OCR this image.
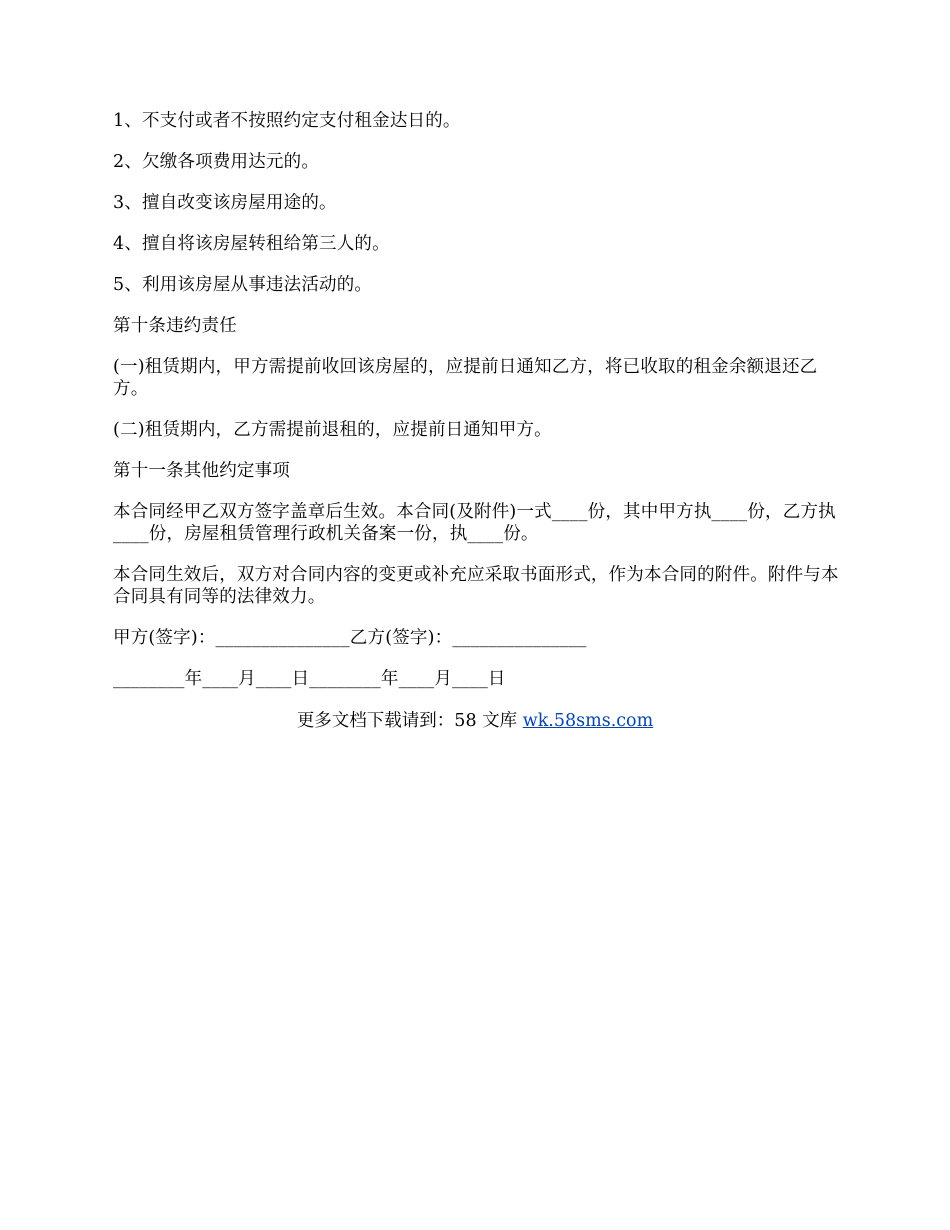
1、不支付或者不按照约定支付租金达日的。

2、欠缴各项费用达元的。

3、擅自改变该房屋用途的。

4、擅自将该房屋转租给第三人的。

5、利用该房屋从事违法活动的。

第十条违约责任

(一)租赁期内，甲方需提前收回该房屋的，应提前日通知乙方，将已收取的租金余额退还乙方。

(二)租赁期内，乙方需提前退租的，应提前日通知甲方。

第十一条其他约定事项

本合同经甲乙双方签字盖章后生效。本合同(及附件)一式____份，其中甲方执____份，乙方执____份，房屋租赁管理行政机关备案一份，执____份。

本合同生效后，双方对合同内容的变更或补充应采取书面形式，作为本合同的附件。附件与本合同具有同等的法律效力。

甲方(签字)：_______________乙方(签字)：_______________

________年____月____日________年____月____日

更多文档下载请到：58 文库 wk.58sms.com
